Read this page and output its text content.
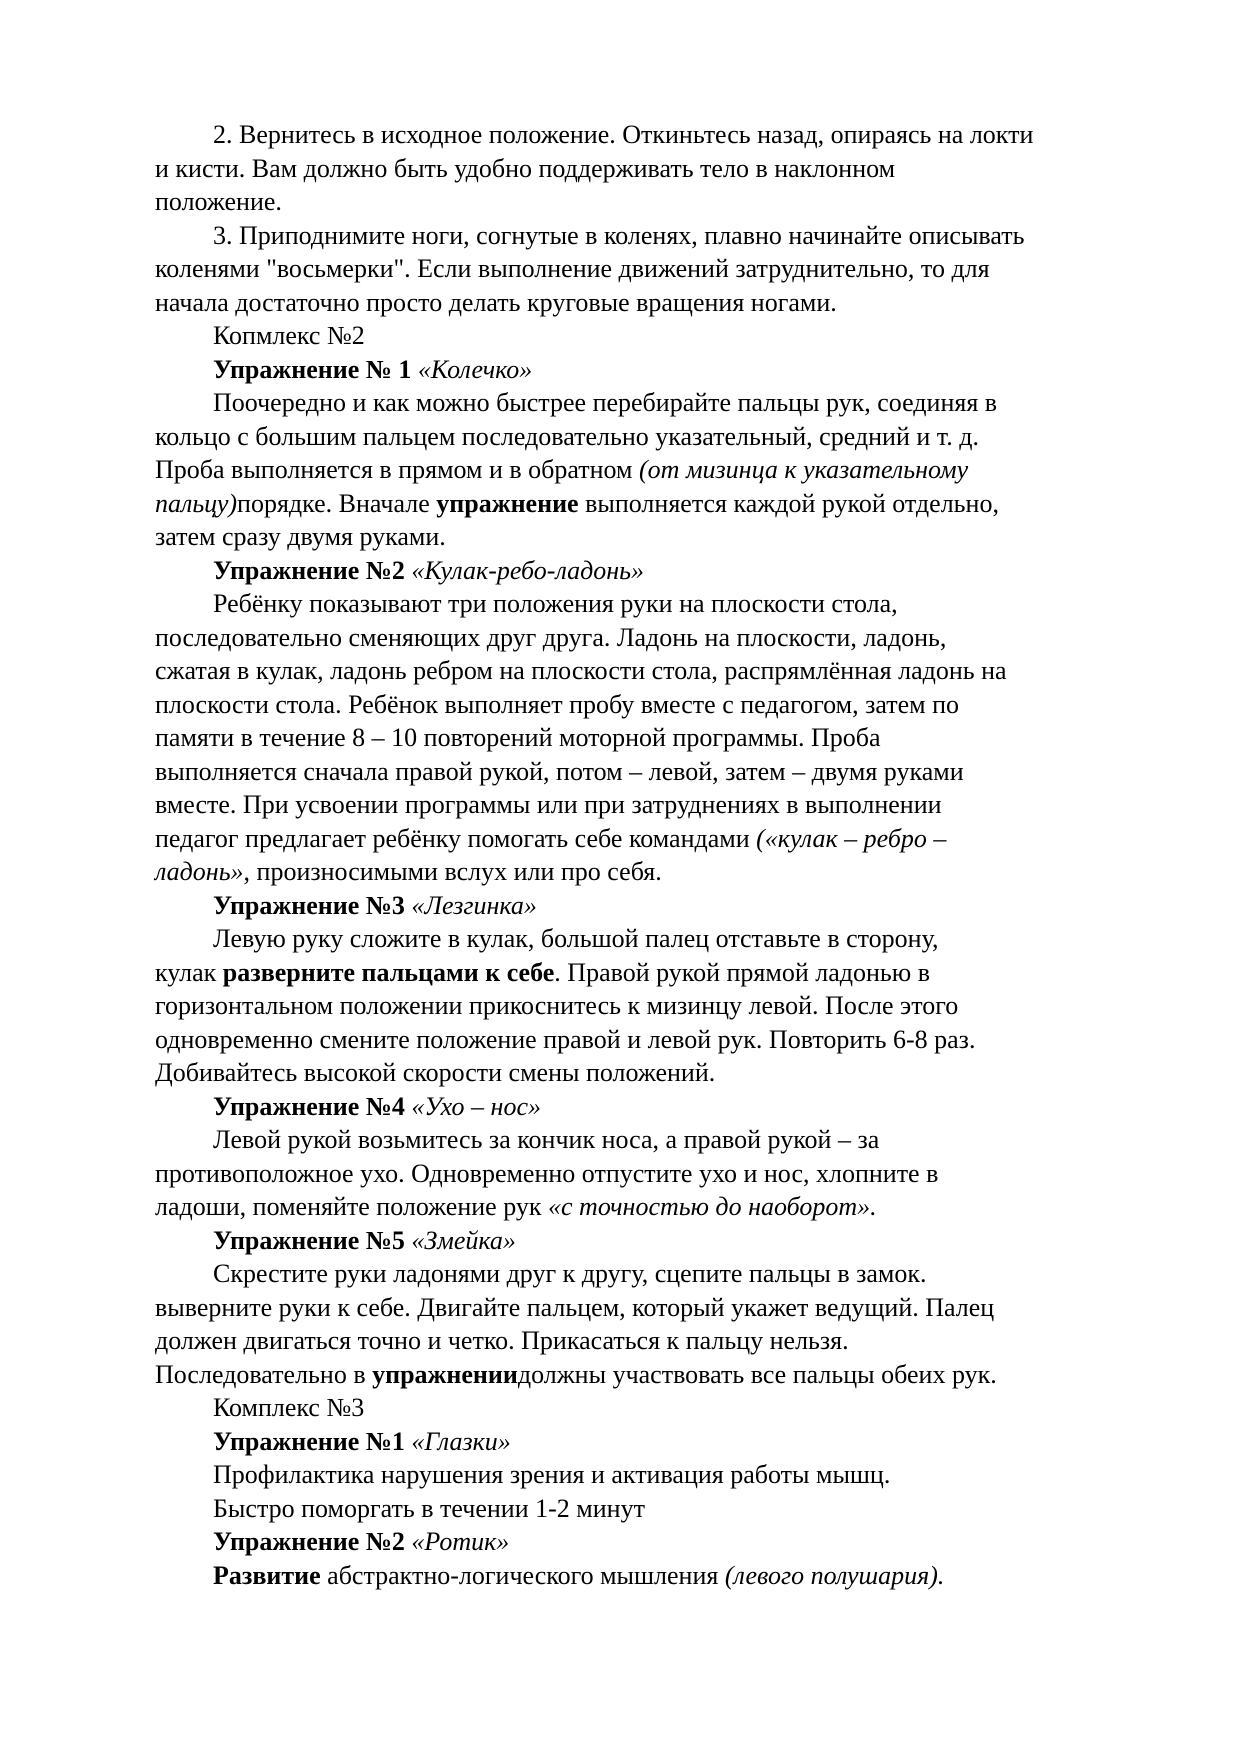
2. Вернитесь в исходное положение. Откиньтесь назад, опираясь на локти
и кисти. Вам должно быть удобно поддерживать тело в наклонном
положение.
3. Приподнимите ноги, согнутые в коленях, плавно начинайте описывать
коленями "восьмерки". Если выполнение движений затруднительно, то для
начала достаточно просто делать круговые вращения ногами.
Копмлекс №2
Упражнение № 1 «Колечко»
Поочередно и как можно быстрее перебирайте пальцы рук, соединяя в
кольцо с большим пальцем последовательно указательный, средний и т. д.
Проба выполняется в прямом и в обратном (от мизинца к указательному
пальцу)порядке. Вначале упражнение выполняется каждой рукой отдельно,
затем сразу двумя руками.
Упражнение №2 «Кулак-ребо-ладонь»
Ребёнку показывают три положения руки на плоскости стола,
последовательно сменяющих друг друга. Ладонь на плоскости, ладонь,
сжатая в кулак, ладонь ребром на плоскости стола, распрямлённая ладонь на
плоскости стола. Ребёнок выполняет пробу вместе с педагогом, затем по
памяти в течение 8 – 10 повторений моторной программы. Проба
выполняется сначала правой рукой, потом – левой, затем – двумя руками
вместе. При усвоении программы или при затруднениях в выполнении
педагог предлагает ребёнку помогать себе командами («кулак – ребро –
ладонь», произносимыми вслух или про себя.
Упражнение №3 «Лезгинка»
Левую руку сложите в кулак, большой палец отставьте в сторону,
кулак разверните пальцами к себе. Правой рукой прямой ладонью в
горизонтальном положении прикоснитесь к мизинцу левой. После этого
одновременно смените положение правой и левой рук. Повторить 6-8 раз.
Добивайтесь высокой скорости смены положений.
Упражнение №4 «Ухо – нос»
Левой рукой возьмитесь за кончик носа, а правой рукой – за
противоположное ухо. Одновременно отпустите ухо и нос, хлопните в
ладоши, поменяйте положение рук «с точностью до наоборот».
Упражнение №5 «Змейка»
Скрестите руки ладонями друг к другу, сцепите пальцы в замок.
выверните руки к себе. Двигайте пальцем, который укажет ведущий. Палец
должен двигаться точно и четко. Прикасаться к пальцу нельзя.
Последовательно в упражнениидолжны участвовать все пальцы обеих рук.
Комплекс №3
Упражнение №1 «Глазки»
Профилактика нарушения зрения и активация работы мышц.
Быстро поморгать в течении 1-2 минут
Упражнение №2 «Ротик»
Развитие абстрактно-логического мышления (левого полушария).
